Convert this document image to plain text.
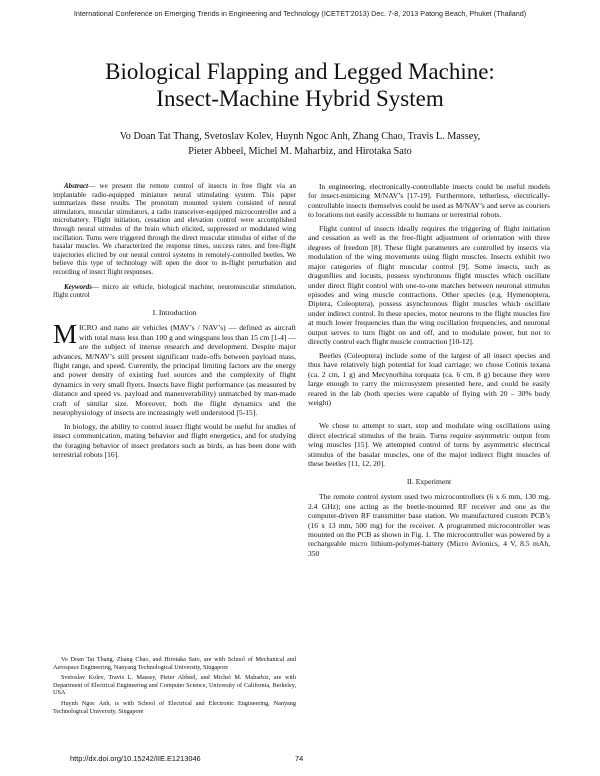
International Conference on Emerging Trends in Engineering and Technology (ICETET'2013) Dec. 7-8, 2013 Patong Beach, Phuket (Thailand)
Biological Flapping and Legged Machine:
Insect-Machine Hybrid System
Vo Doan Tat Thang, Svetoslav Kolev, Huynh Ngoc Anh, Zhang Chao, Travis L. Massey,
Pieter Abbeel, Michel M. Maharbiz, and Hirotaka Sato

Abstract— we present the remote control of insects in free flight via an implantable radio-equipped miniature neural stimulating system. This paper summarizes these results. The pronotum mounted system consisted of neural stimulators, muscular stimulators, a radio transceiver-equipped microcontroller and a microbattery. Flight initiation, cessation and elevation control were accomplished through neural stimulus of the brain which elicited, suppressed or modulated wing oscillation. Turns were triggered through the direct muscular stimulus of either of the basalar muscles. We characterized the response times, success rates, and free-flight trajectories elicited by our neural control systems in remotely-controlled beetles. We believe this type of technology will open the door to in-flight perturbation and recording of insect flight responses.

Keywords— micro air vehicle, biological machine, neuromuscular stimulation, flight control

I. Introduction

MICRO and nano air vehicles (MAV’s / NAV’s) — defined as aircraft with total mass less than 100 g and wingspans less than 15 cm [1-4] — are the subject of intense research and development. Despite major advances, M/NAV’s still present significant trade-offs between payload mass, flight range, and speed. Currently, the principal limiting factors are the energy and power density of existing fuel sources and the complexity of flight dynamics in very small flyers. Insects have flight performance (as measured by distance and speed vs. payload and maneuverability) unmatched by man-made craft of similar size. Moreover, both the flight dynamics and the neurophysiology of insects are increasingly well understood [5-15].

In biology, the ability to control insect flight would be useful for studies of insect communication, mating behavior and flight energetics, and for studying the foraging behavior of insect predators such as birds, as has been done with terrestrial robots [16].

Vo Doan Tat Thang, Zhang Chao, and Hirotaka Sato, are with School of Mechanical and Aerospace Engineering, Nanyang Technological University, Singapore

Svetoslav Kolev, Travis L. Massey, Pieter Abbeel, and Michel M. Maharbiz, are with Department of Electrical Engineering and Computer Science, University of California, Berkeley, USA

Huynh Ngoc Anh, is with School of Electrical and Electronic Engineering, Nanyang Technological University, Singapore

In engineering, electronically-controllable insects could be useful models for insect-mimicing M/NAV’s [17-19]. Furthermore, tetherless, electrically-controllable insects themselves could be used as M/NAV’s and serve as couriers to locations not easily accessible to humans or terrestrial robots.

Flight control of insects ideally requires the triggering of flight initiation and cessation as well as the free-flight adjustment of orientation with three degrees of freedom [8]. These flight parameters are controlled by insects via modulation of the wing movements using flight muscles. Insects exhibit two major categories of flight muscular control [9]. Some insects, such as dragonflies and locusts, possess synchronous flight muscles which oscillate under direct flight control with one-to-one matches between neuronal stimulus episodes and wing muscle contractions. Other species (e.g. Hymenoptera, Diptera, Coleoptera), possess asynchronous flight muscles which oscillate under indirect control. In these species, motor neurons to the flight muscles fire at much lower frequencies than the wing oscillation frequencies, and neuronal output serves to turn flight on and off, and to modulate power, but not to directly control each flight muscle contraction [10-12].

Beetles (Coleoptera) include some of the largest of all insect species and thus have relatively high potential for load carriage; we chose Cotinis texana (ca. 2 cm, 1 g) and Mecynorhina torquata (ca. 6 cm, 8 g) because they were large enough to carry the microsystem presented here, and could be easily reared in the lab (both species were capable of flying with 20 – 30% body weight)

We chose to attempt to start, stop and modulate wing oscillations using direct electrical stimulus of the brain. Turns require asymmetric output from wing muscles [15]. We attempted control of turns by asymmetric electrical stimulus of the basalar muscles, one of the major indirect flight muscles of these beetles [11, 12, 20].

II. Experiment

The remote control system used two microcontrollers (6 x 6 mm, 130 mg, 2.4 GHz); one acting as the beetle-mounted RF receiver and one as the computer-driven RF transmitter base station. We manufactured custom PCB’s (16 x 13 mm, 500 mg) for the receiver. A programmed microcontroller was mounted on the PCB as shown in Fig. 1. The microcontroller was powered by a rechargeable micro lithium-polymer-battery (Micro Avionics, 4 V, 8.5 mAh, 350

http://dx.doi.org/10.15242/IIE.E1213046	74
